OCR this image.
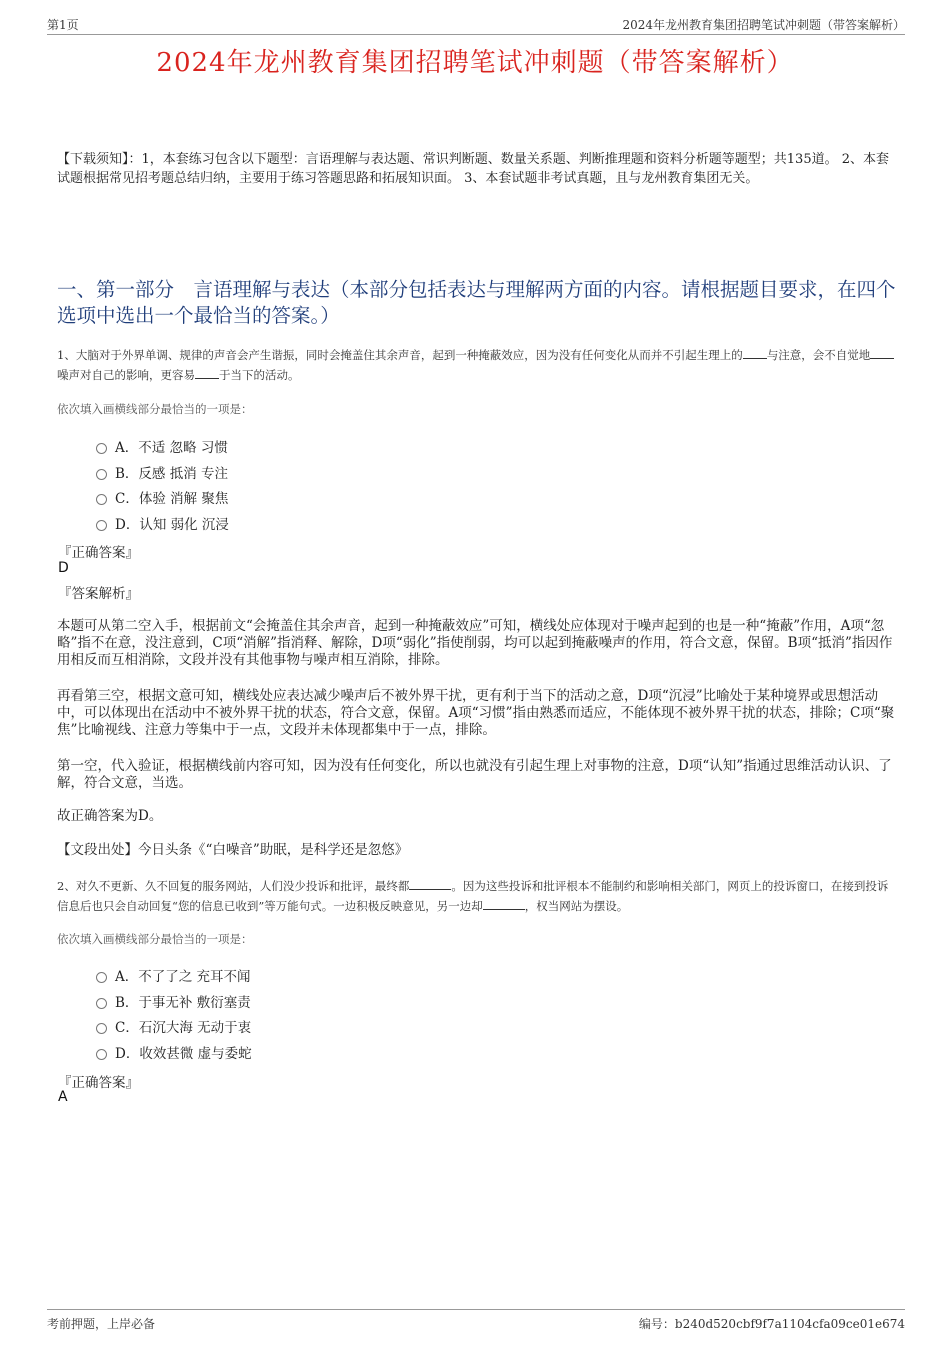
第1页	2024年龙州教育集团招聘笔试冲刺题（带答案解析）
2024年龙州教育集团招聘笔试冲刺题（带答案解析）
【下载须知】：1，本套练习包含以下题型：言语理解与表达题、常识判断题、数量关系题、判断推理题和资料分析题等题型；共135道。 2、本套试题根据常见招考题总结归纳，主要用于练习答题思路和拓展知识面。 3、本套试题非考试真题，且与龙州教育集团无关。
一、第一部分　言语理解与表达（本部分包括表达与理解两方面的内容。请根据题目要求，在四个选项中选出一个最恰当的答案。）
1、大脑对于外界单调、规律的声音会产生谐振，同时会掩盖住其余声音，起到一种掩蔽效应，因为没有任何变化从而并不引起生理上的 与注意，会不自觉地噪声对自己的影响，更容易 于当下的活动。
依次填入画横线部分最恰当的一项是：
A．不适 忽略 习惯
B．反感 抵消 专注
C．体验 消解 聚焦
D．认知 弱化 沉浸
『正确答案』
D
『答案解析』
本题可从第二空入手，根据前文“会掩盖住其余声音，起到一种掩蔽效应”可知，横线处应体现对于噪声起到的也是一种“掩蔽”作用，A项“忽略”指不在意，没注意到，C项“消解”指消释、解除，D项“弱化”指使削弱，均可以起到掩蔽噪声的作用，符合文意，保留。B项“抵消”指因作用相反而互相消除，文段并没有其他事物与噪声相互消除，排除。
再看第三空，根据文意可知，横线处应表达减少噪声后不被外界干扰，更有利于当下的活动之意，D项“沉浸”比喻处于某种境界或思想活动中，可以体现出在活动中不被外界干扰的状态，符合文意，保留。A项“习惯”指由熟悉而适应，不能体现不被外界干扰的状态，排除；C项“聚焦”比喻视线、注意力等集中于一点，文段并未体现都集中于一点，排除。
第一空，代入验证，根据横线前内容可知，因为没有任何变化，所以也就没有引起生理上对事物的注意，D项“认知”指通过思维活动认识、了解，符合文意，当选。
故正确答案为D。
【文段出处】今日头条《“白噪音”助眠，是科学还是忽悠》
2、对久不更新、久不回复的服务网站，人们没少投诉和批评，最终都	。因为这些投诉和批评根本不能制约和影响相关部门，网页上的投诉窗口，在接到投诉信息后也只会自动回复“您的信息已收到”等万能句式。一边积极反映意见，另一边却	，权当网站为摆设。
依次填入画横线部分最恰当的一项是：
A．不了了之 充耳不闻
B．于事无补 敷衍塞责
C．石沉大海 无动于衷
D．收效甚微 虚与委蛇
『正确答案』
A
考前押题，上岸必备	编号：b240d520cbf9f7a1104cfa09ce01e674
